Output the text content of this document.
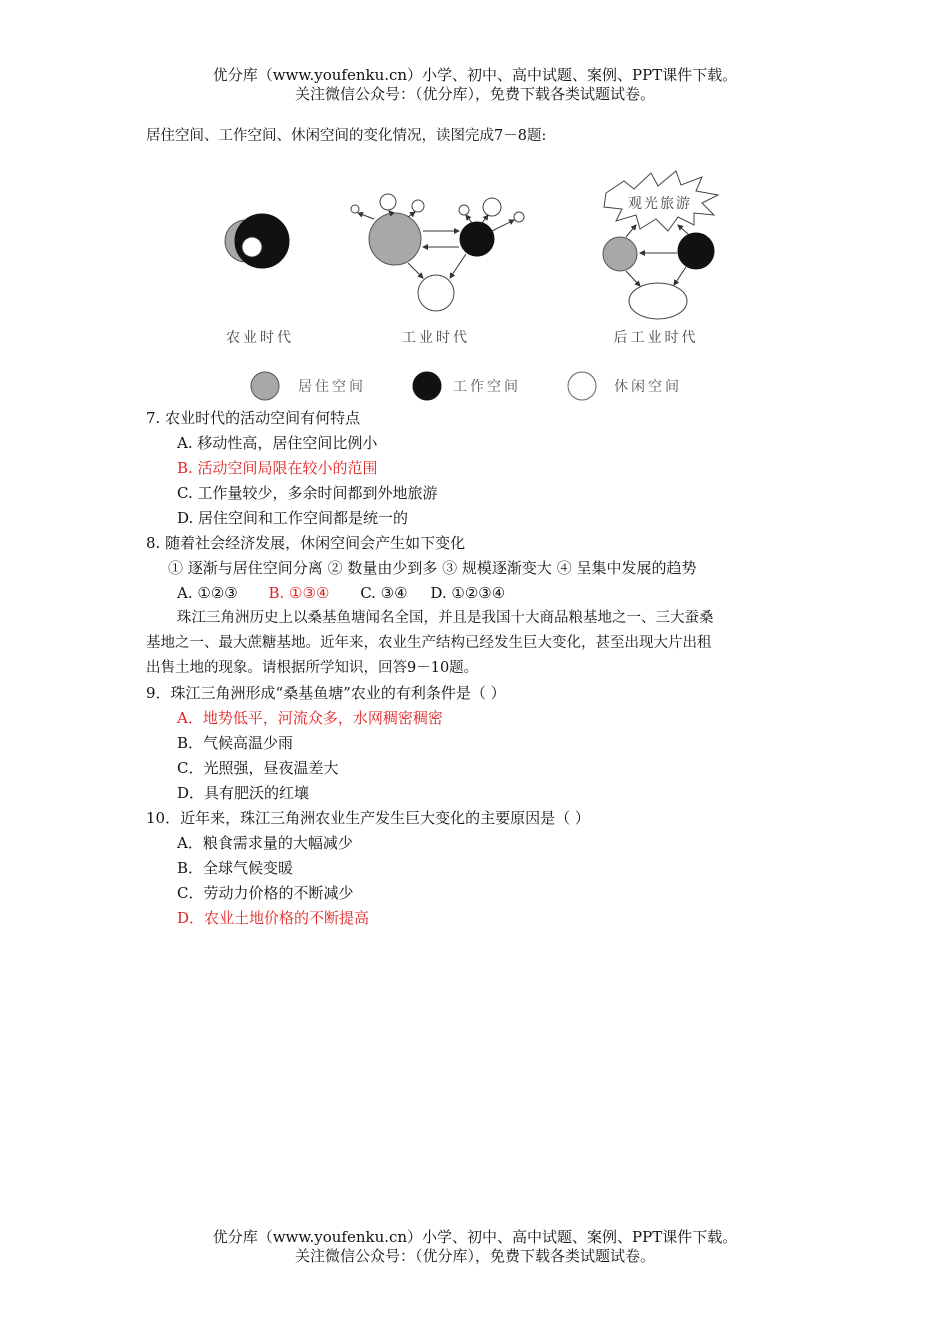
优分库（www.youfenku.cn）小学、初中、高中试题、案例、PPT课件下载。
关注微信公众号：（优分库），免费下载各类试题试卷。
居住空间、工作空间、休闲空间的变化情况，读图完成7－8题:
观光旅游
农业时代	工业时代	后工业时代
居住空间	工作空间	休闲空间
7. 农业时代的活动空间有何特点
A. 移动性高，居住空间比例小
B. 活动空间局限在较小的范围
C. 工作量较少，多余时间都到外地旅游
D. 居住空间和工作空间都是统一的
8. 随着社会经济发展，休闲空间会产生如下变化
① 逐渐与居住空间分离 ② 数量由少到多 ③ 规模逐渐变大 ④ 呈集中发展的趋势
A. ①②③ B. ①③④ C. ③④ D. ①②③④
珠江三角洲历史上以桑基鱼塘闻名全国，并且是我国十大商品粮基地之一、三大蚕桑
基地之一、最大蔗糖基地。近年来，农业生产结构已经发生巨大变化，甚至出现大片出租
出售土地的现象。请根据所学知识，回答9－10题。
9．珠江三角洲形成“桑基鱼塘”农业的有利条件是（ ）
A．地势低平，河流众多，水网稠密稠密
B．气候高温少雨
C．光照强，昼夜温差大
D．具有肥沃的红壤
10．近年来，珠江三角洲农业生产发生巨大变化的主要原因是（ ）
A．粮食需求量的大幅减少
B．全球气候变暖
C．劳动力价格的不断减少
D．农业土地价格的不断提高
优分库（www.youfenku.cn）小学、初中、高中试题、案例、PPT课件下载。
关注微信公众号：（优分库），免费下载各类试题试卷。
